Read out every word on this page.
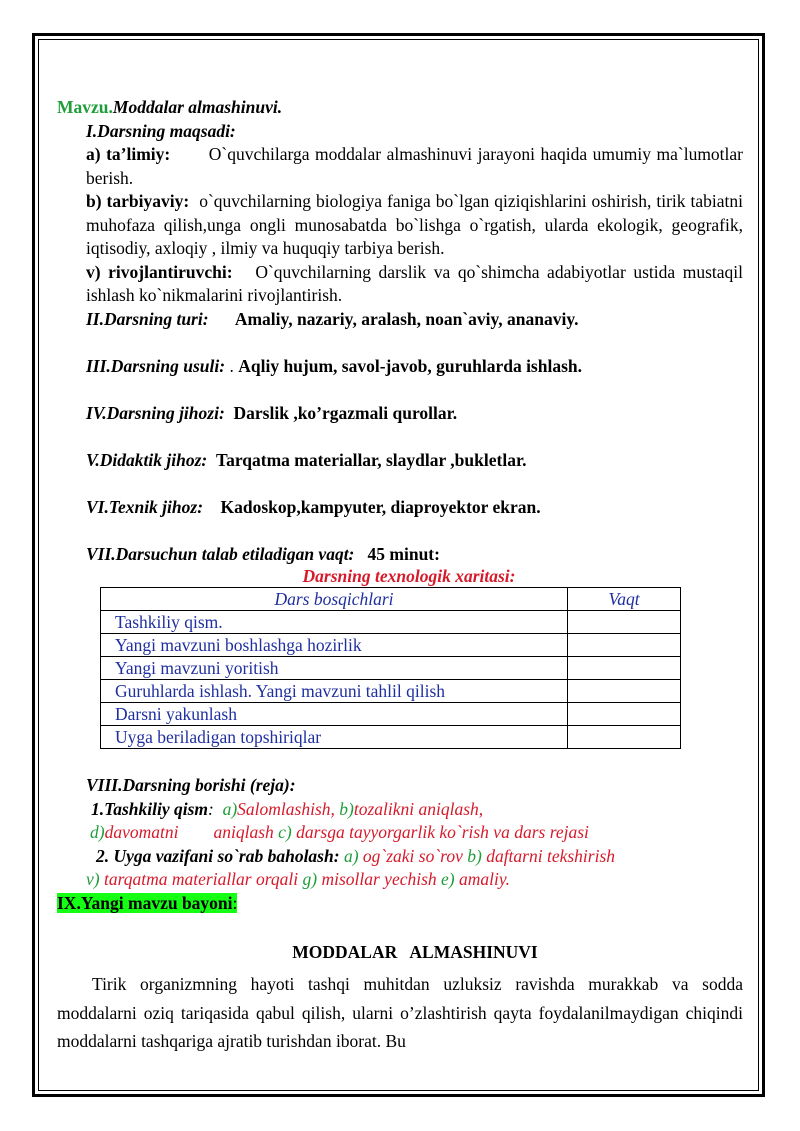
Mavzu.Moddalar almashinuvi.

I.Darsning maqsadi:

a) ta’limiy: O`quvchilarga moddalar almashinuvi jarayoni haqida umumiy ma`lumotlar berish.

b) tarbiyaviy: o`quvchilarning biologiya faniga bo`lgan qiziqishlarini oshirish, tirik tabiatni muhofaza qilish,unga ongli munosabatda bo`lishga o`rgatish, ularda ekologik, geografik, iqtisodiy, axloqiy , ilmiy va huquqiy tarbiya berish.

v) rivojlantiruvchi: O`quvchilarning darslik va qo`shimcha adabiyotlar ustida mustaqil ishlash ko`nikmalarini rivojlantirish.

II.Darsning turi: Amaliy, nazariy, aralash, noan`aviy, ananaviy.

III.Darsning usuli: . Aqliy hujum, savol-javob, guruhlarda ishlash.

IV.Darsning jihozi: Darslik ,ko’rgazmali qurollar.

V.Didaktik jihoz: Tarqatma materiallar, slaydlar ,bukletlar.

VI.Texnik jihoz: Kadoskop,kampyuter, diaproyektor ekran.

VII.Darsuchun talab etiladigan vaqt: 45 minut:

Darsning texnologik xaritasi:

Dars bosqichlari	Vaqt
Tashkiliy qism.	
Yangi mavzuni boshlashga hozirlik	
Yangi mavzuni yoritish	
Guruhlarda ishlash. Yangi mavzuni tahlil qilish	
Darsni yakunlash	
Uyga beriladigan topshiriqlar	

VIII.Darsning borishi (reja):

1.Tashkiliy qism: a)Salomlashish, b)tozalikni aniqlash,

d)davomatni aniqlash c) darsga tayyorgarlik ko`rish va dars rejasi

2. Uyga vazifani so`rab baholash: a) og`zaki so`rov b) daftarni tekshirish

v) tarqatma materiallar orqali g) misollar yechish e) amaliy.

IX.Yangi mavzu bayoni:

MODDALAR   ALMASHINUVI

Tirik organizmning hayoti tashqi muhitdan uzluksiz ravishda murakkab va sodda moddalarni oziq tariqasida qabul qilish, ularni o’zlashtirish qayta foydalanilmaydigan chiqindi moddalarni tashqariga ajratib turishdan iborat. Bu
